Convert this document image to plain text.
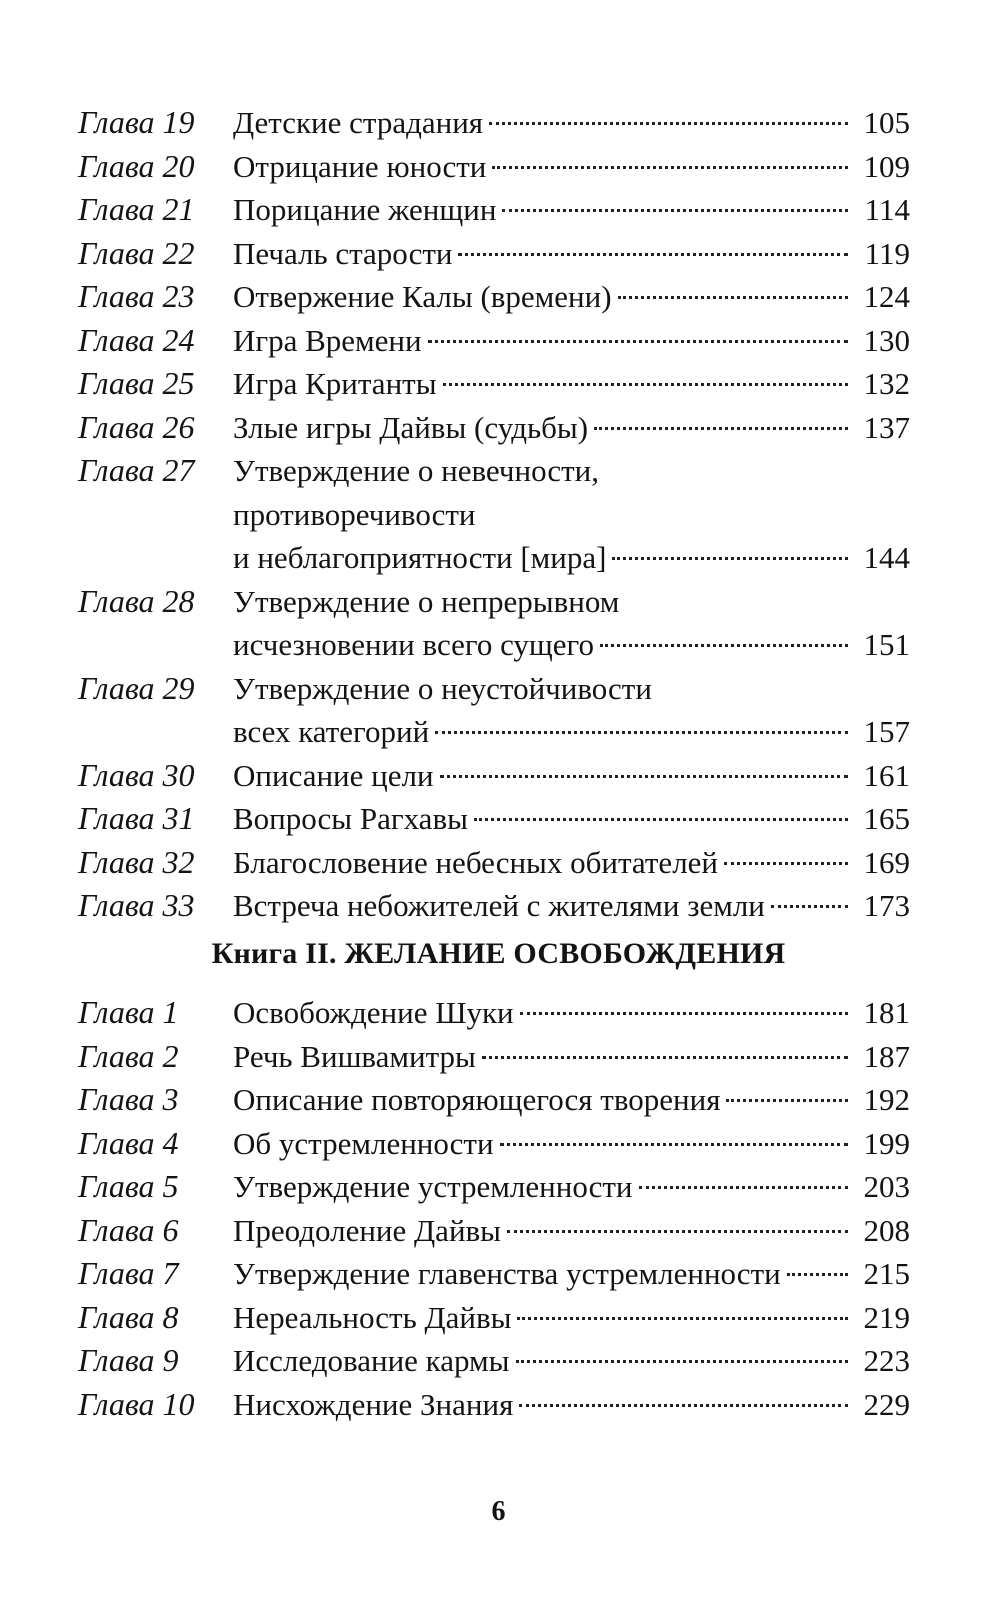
Глава 19	Детские страдания	105
Глава 20	Отрицание юности	109
Глава 21	Порицание женщин	114
Глава 22	Печаль старости	119
Глава 23	Отвержение Калы (времени)	124
Глава 24	Игра Времени	130
Глава 25	Игра Кританты	132
Глава 26	Злые игры Дайвы (судьбы)	137
Глава 27	Утверждение о невечности,
противоречивости
и неблагоприятности [мира]	144
Глава 28	Утверждение о непрерывном
исчезновении всего сущего	151
Глава 29	Утверждение о неустойчивости
всех категорий	157
Глава 30	Описание цели	161
Глава 31	Вопросы Рагхавы	165
Глава 32	Благословение небесных обитателей	169
Глава 33	Встреча небожителей с жителями земли	173
Книга II. ЖЕЛАНИЕ ОСВОБОЖДЕНИЯ
Глава 1	Освобождение Шуки	181
Глава 2	Речь Вишвамитры	187
Глава 3	Описание повторяющегося творения	192
Глава 4	Об устремленности	199
Глава 5	Утверждение устремленности	203
Глава 6	Преодоление Дайвы	208
Глава 7	Утверждение главенства устремленности	215
Глава 8	Нереальность Дайвы	219
Глава 9	Исследование кармы	223
Глава 10	Нисхождение Знания	229
6
